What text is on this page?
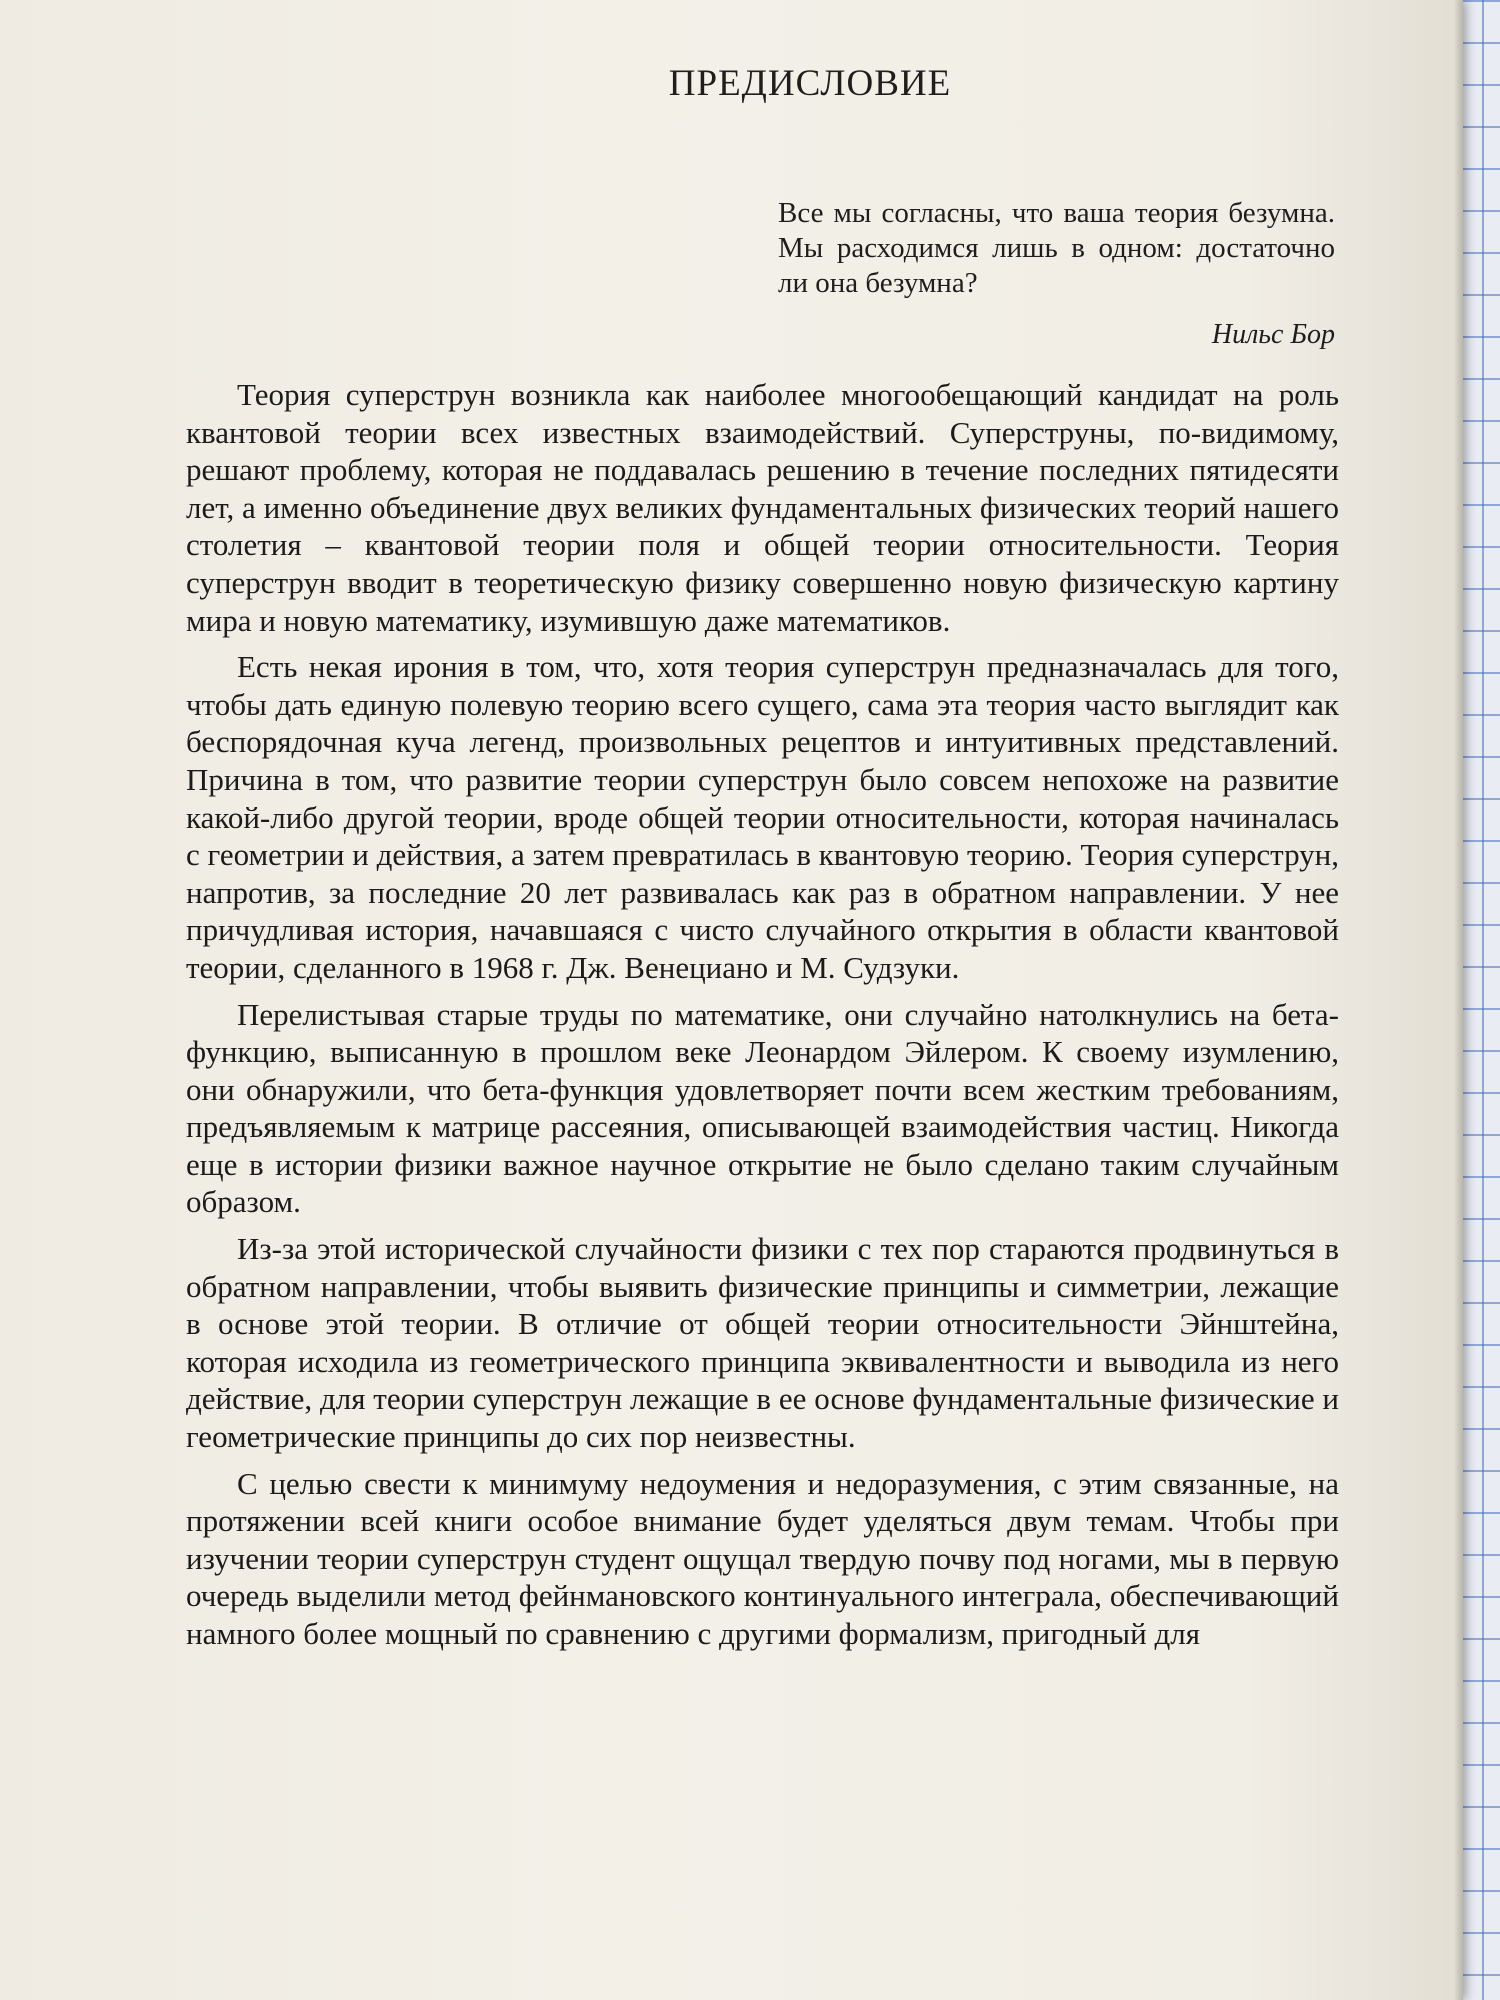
ПРЕДИСЛОВИЕ

Все мы согласны, что ваша теория безумна. Мы расходимся лишь в одном: достаточно ли она безумна?

Нильс Бор

Теория суперструн возникла как наиболее многообещающий кандидат на роль квантовой теории всех известных взаимодействий. Суперструны, по-видимому, решают проблему, которая не поддавалась решению в течение последних пятидесяти лет, а именно объединение двух великих фундаментальных физических теорий нашего столетия – квантовой теории поля и общей теории относительности. Теория суперструн вводит в теоретическую физику совершенно новую физическую картину мира и новую математику, изумившую даже математиков.

Есть некая ирония в том, что, хотя теория суперструн предназначалась для того, чтобы дать единую полевую теорию всего сущего, сама эта теория часто выглядит как беспорядочная куча легенд, произвольных рецептов и интуитивных представлений. Причина в том, что развитие теории суперструн было совсем непохоже на развитие какой-либо другой теории, вроде общей теории относительности, которая начиналась с геометрии и действия, а затем превратилась в квантовую теорию. Теория суперструн, напротив, за последние 20 лет развивалась как раз в обратном направлении. У нее причудливая история, начавшаяся с чисто случайного открытия в области квантовой теории, сделанного в 1968 г. Дж. Венециано и М. Судзуки.

Перелистывая старые труды по математике, они случайно натолкнулись на бета-функцию, выписанную в прошлом веке Леонардом Эйлером. К своему изумлению, они обнаружили, что бета-функция удовлетворяет почти всем жестким требованиям, предъявляемым к матрице рассеяния, описывающей взаимодействия частиц. Никогда еще в истории физики важное научное открытие не было сделано таким случайным образом.

Из-за этой исторической случайности физики с тех пор стараются продвинуться в обратном направлении, чтобы выявить физические принципы и симметрии, лежащие в основе этой теории. В отличие от общей теории относительности Эйнштейна, которая исходила из геометрического принципа эквивалентности и выводила из него действие, для теории суперструн лежащие в ее основе фундаментальные физические и геометрические принципы до сих пор неизвестны.

С целью свести к минимуму недоумения и недоразумения, с этим связанные, на протяжении всей книги особое внимание будет уделяться двум темам. Чтобы при изучении теории суперструн студент ощущал твердую почву под ногами, мы в первую очередь выделили метод фейнмановского континуального интеграла, обеспечивающий намного более мощный по сравнению с другими формализм, пригодный для
